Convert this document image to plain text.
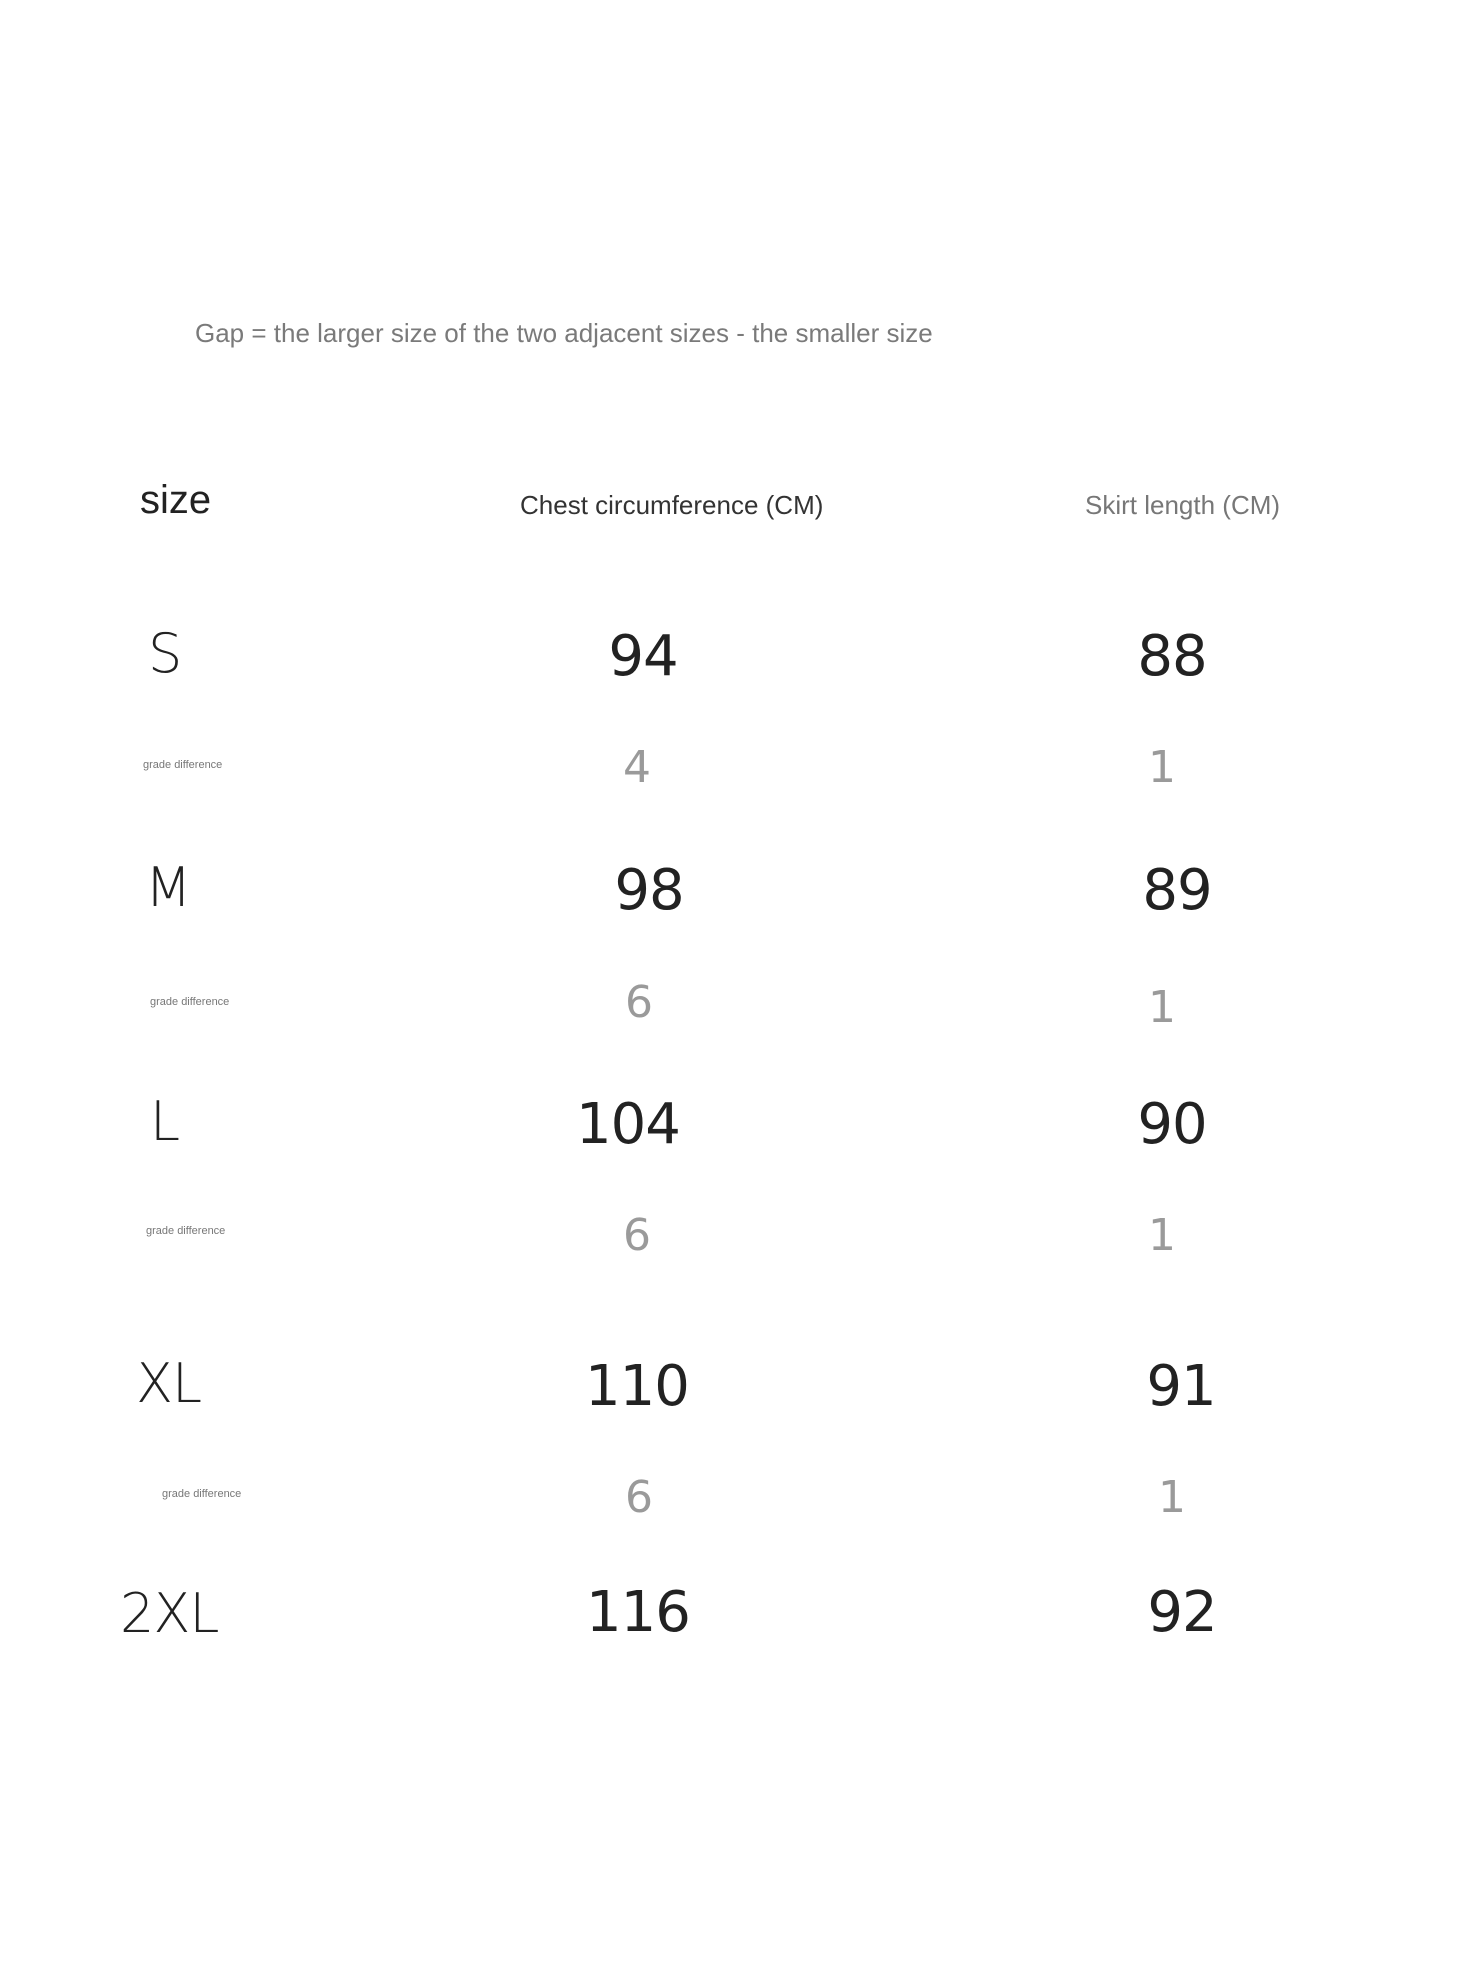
Gap = the larger size of the two adjacent sizes - the smaller size
size	Chest circumference (CM)	Skirt length (CM)
S	94	88
grade difference	4	1
M	98	89
grade difference	6	1
L	104	90
grade difference	6	1
XL	110	91
grade difference	6	1
2XL	116	92
